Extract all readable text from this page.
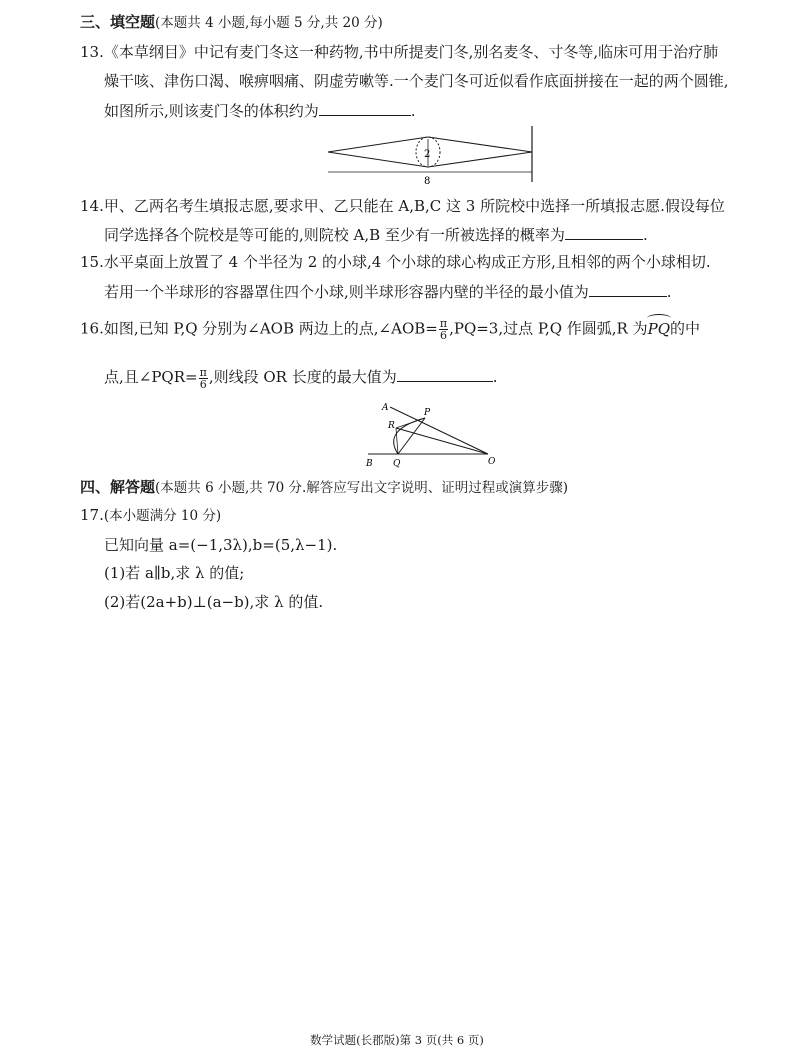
三、填空题(本题共 4 小题,每小题 5 分,共 20 分)
13.《本草纲目》中记有麦门冬这一种药物,书中所提麦门冬,别名麦冬、寸冬等,临床可用于治疗肺
燥干咳、津伤口渴、喉痹咽痛、阴虚劳嗽等.一个麦门冬可近似看作底面拼接在一起的两个圆锥,
如图所示,则该麦门冬的体积约为	.
2
8
14.甲、乙两名考生填报志愿,要求甲、乙只能在 A,B,C 这 3 所院校中选择一所填报志愿.假设每位
同学选择各个院校是等可能的,则院校 A,B 至少有一所被选择的概率为	.
15.水平桌面上放置了 4 个半径为 2 的小球,4 个小球的球心构成正方形,且相邻的两个小球相切.
若用一个半球形的容器罩住四个小球,则半球形容器内壁的半径的最小值为	.
16.如图,已知 P,Q 分别为∠AOB 两边上的点,∠AOB= $\frac{\pi}{6} ,PQ=3$,过点 P,Q 作圆弧,R 为PQ的中
点,且∠PQR= $\frac{\pi}{6}$ ,则线段 OR 长度的最大值为	.
A	P
R
B Q	O
四、解答题(本题共 6 小题,共 70 分.解答应写出文字说明、证明过程或演算步骤)
17.(本小题满分 10 分)
已知向量 a=(−1,3λ),b=(5,λ−1).
(1)若 a∥b,求 λ 的值;
(2)若(2a+b)⊥(a−b),求 λ 的值.
数学试题(长郡版)第 3 页(共 6 页)
